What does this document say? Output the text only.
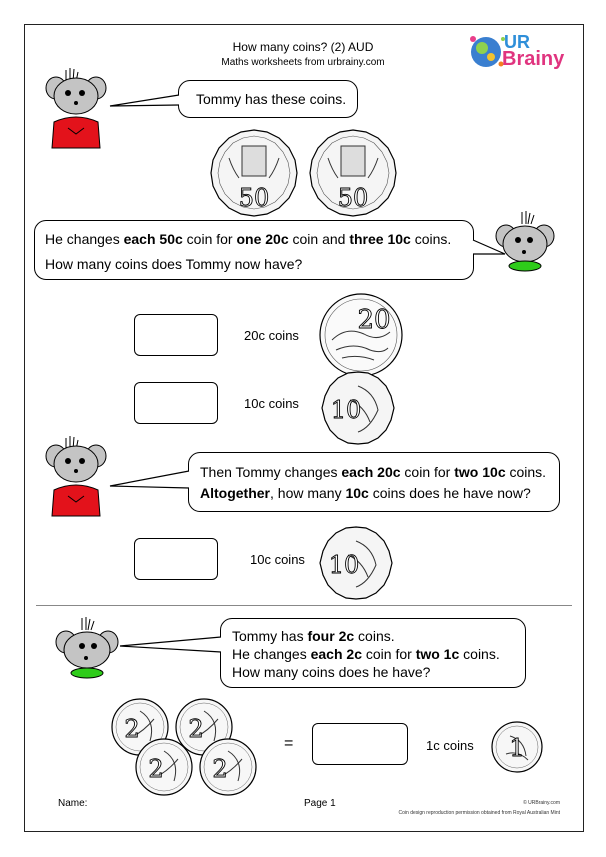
How many coins? (2) AUD
Maths worksheets from urbrainy.com
UR
Brainy
Tommy has these coins.
50	50
He changes each 50c coin for one 20c coin and three 10c coins.
How many coins does Tommy now have?
20c coins
20
10c coins 10
Then Tommy changes each 20c coin for two 10c coins.
Altogether, how many 10c coins does he have now?
10c coins 10
Tommy has four 2c coins.
He changes each 2c coin for two 1c coins.
How many coins does he have?
2 2
2 2
=	1c coins 1
Name:	Page 1	© URBrainy.com
Coin design reproduction permission obtained from Royal Australian Mint
